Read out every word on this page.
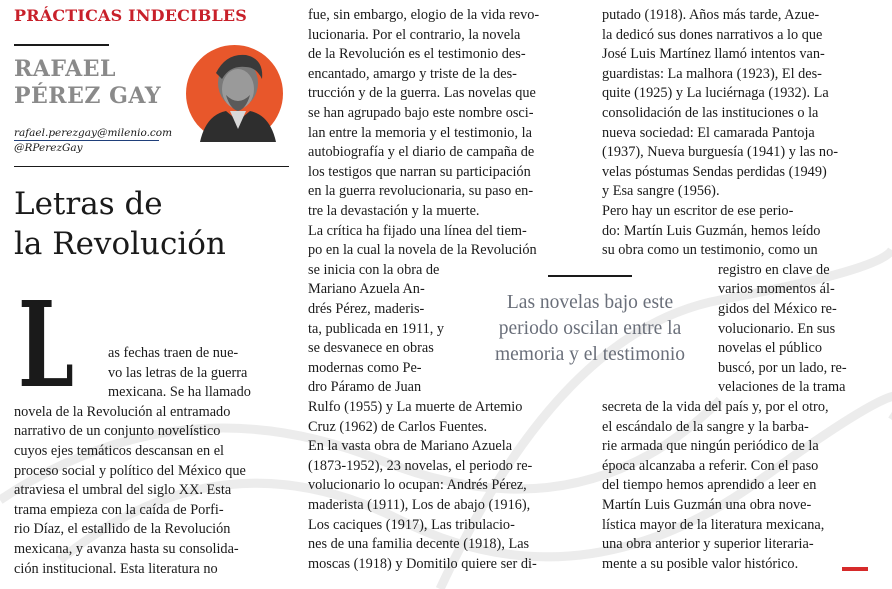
PRÁCTICAS INDECIBLES
RAFAEL
PÉREZ GAY
rafael.perezgay@milenio.com
@RPerezGay
Letras de
la Revolución
L as fechas traen de nue-
vo las letras de la guerra
mexicana. Se ha llamado
novela de la Revolución al entramado
narrativo de un conjunto novelístico
cuyos ejes temáticos descansan en el
proceso social y político del México que
atraviesa el umbral del siglo XX. Esta
trama empieza con la caída de Porfi-
rio Díaz, el estallido de la Revolución
mexicana, y avanza hasta su consolida-
ción institucional. Esta literatura no
fue, sin embargo, elogio de la vida revo-
lucionaria. Por el contrario, la novela
de la Revolución es el testimonio des-
encantado, amargo y triste de la des-
trucción y de la guerra. Las novelas que
se han agrupado bajo este nombre osci-
lan entre la memoria y el testimonio, la
autobiografía y el diario de campaña de
los testigos que narran su participación
en la guerra revolucionaria, su paso en-
tre la devastación y la muerte.
La crítica ha fijado una línea del tiem-
po en la cual la novela de la Revolución
se inicia con la obra de
Mariano Azuela An-
drés Pérez, maderis-
ta, publicada en 1911, y
se desvanece en obras
modernas como Pe-
dro Páramo de Juan
Rulfo (1955) y La muerte de Artemio
Cruz (1962) de Carlos Fuentes.
En la vasta obra de Mariano Azuela
(1873-1952), 23 novelas, el periodo re-
volucionario lo ocupan: Andrés Pérez,
maderista (1911), Los de abajo (1916),
Los caciques (1917), Las tribulacio-
nes de una familia decente (1918), Las
moscas (1918) y Domitilo quiere ser di-
putado (1918). Años más tarde, Azue-
la dedicó sus dones narrativos a lo que
José Luis Martínez llamó intentos van-
guardistas: La malhora (1923), El des-
quite (1925) y La luciérnaga (1932). La
consolidación de las instituciones o la
nueva sociedad: El camarada Pantoja
(1937), Nueva burguesía (1941) y las no-
velas póstumas Sendas perdidas (1949)
y Esa sangre (1956).
Pero hay un escritor de ese perio-
do: Martín Luis Guzmán, hemos leído
su obra como un testimonio, como un
registro en clave de
varios momentos ál-
gidos del México re-
volucionario. En sus
novelas el público
buscó, por un lado, re-
velaciones de la trama
secreta de la vida del país y, por el otro,
el escándalo de la sangre y la barba-
rie armada que ningún periódico de la
época alcanzaba a referir. Con el paso
del tiempo hemos aprendido a leer en
Martín Luis Guzmán una obra nove-
lística mayor de la literatura mexicana,
una obra anterior y superior literaria-
mente a su posible valor histórico.
Las novelas bajo este
periodo oscilan entre la
memoria y el testimonio
